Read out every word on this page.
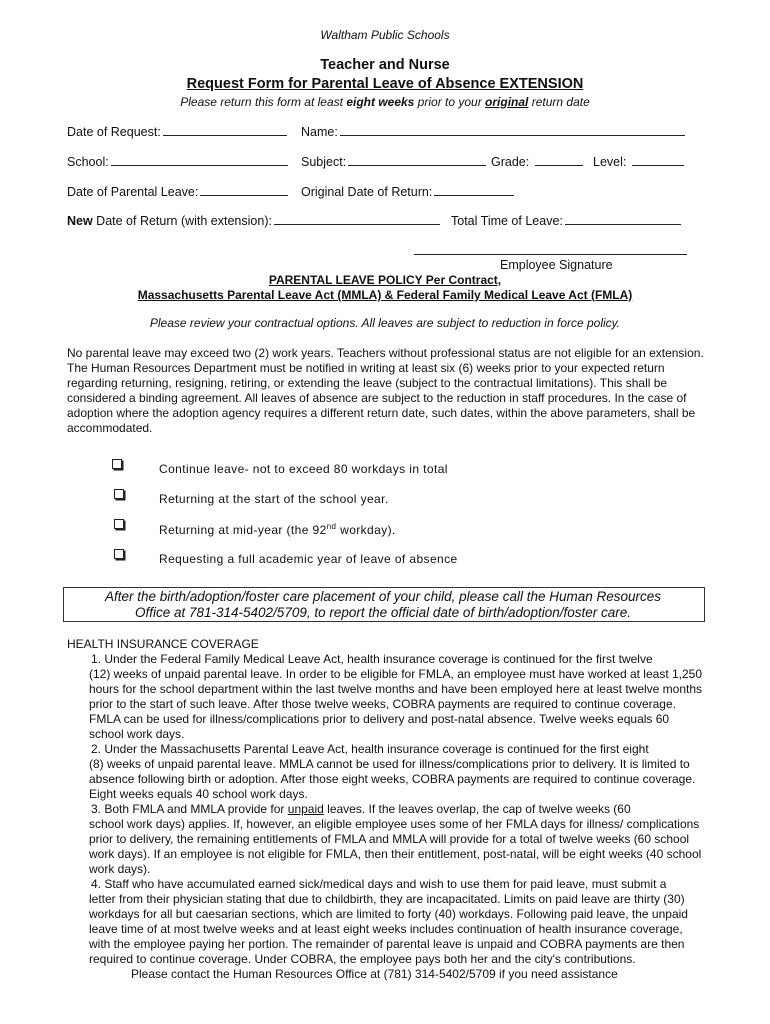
Waltham Public Schools
Teacher and Nurse
Request Form for Parental Leave of Absence EXTENSION
Please return this form at least eight weeks prior to your original return date
Date of Request:	Name:
School:	Subject:	Grade:	Level:
Date of Parental Leave:	Original Date of Return:
New Date of Return (with extension):	Total Time of Leave:
Employee Signature
PARENTAL LEAVE POLICY Per Contract,
Massachusetts Parental Leave Act (MMLA) & Federal Family Medical Leave Act (FMLA)
Please review your contractual options. All leaves are subject to reduction in force policy.
No parental leave may exceed two (2) work years. Teachers without professional status are not eligible for an extension. The Human Resources Department must be notified in writing at least six (6) weeks prior to your expected return regarding returning, resigning, retiring, or extending the leave (subject to the contractual limitations). This shall be considered a binding agreement. All leaves of absence are subject to the reduction in staff procedures. In the case of adoption where the adoption agency requires a different return date, such dates, within the above parameters, shall be accommodated.
Continue leave- not to exceed 80 workdays in total
Returning at the start of the school year.
Returning at mid-year (the 92nd workday).
Requesting a full academic year of leave of absence
After the birth/adoption/foster care placement of your child, please call the Human Resources
Office at 781-314-5402/5709, to report the official date of birth/adoption/foster care.
HEALTH INSURANCE COVERAGE
1. Under the Federal Family Medical Leave Act, health insurance coverage is continued for the first twelve
(12) weeks of unpaid parental leave. In order to be eligible for FMLA, an employee must have worked at least 1,250 hours for the school department within the last twelve months and have been employed here at least twelve months prior to the start of such leave. After those twelve weeks, COBRA payments are required to continue coverage. FMLA can be used for illness/complications prior to delivery and post-natal absence. Twelve weeks equals 60 school work days.
2. Under the Massachusetts Parental Leave Act, health insurance coverage is continued for the first eight
(8) weeks of unpaid parental leave. MMLA cannot be used for illness/complications prior to delivery. It is limited to absence following birth or adoption. After those eight weeks, COBRA payments are required to continue coverage. Eight weeks equals 40 school work days.
3. Both FMLA and MMLA provide for unpaid leaves. If the leaves overlap, the cap of twelve weeks (60
school work days) applies. If, however, an eligible employee uses some of her FMLA days for illness/ complications prior to delivery, the remaining entitlements of FMLA and MMLA will provide for a total of twelve weeks (60 school work days). If an employee is not eligible for FMLA, then their entitlement, post-natal, will be eight weeks (40 school work days).
4. Staff who have accumulated earned sick/medical days and wish to use them for paid leave, must submit a
letter from their physician stating that due to childbirth, they are incapacitated. Limits on paid leave are thirty (30) workdays for all but caesarian sections, which are limited to forty (40) workdays. Following paid leave, the unpaid leave time of at most twelve weeks and at least eight weeks includes continuation of health insurance coverage, with the employee paying her portion. The remainder of parental leave is unpaid and COBRA payments are then required to continue coverage. Under COBRA, the employee pays both her and the city's contributions.
Please contact the Human Resources Office at (781) 314-5402/5709 if you need assistance
